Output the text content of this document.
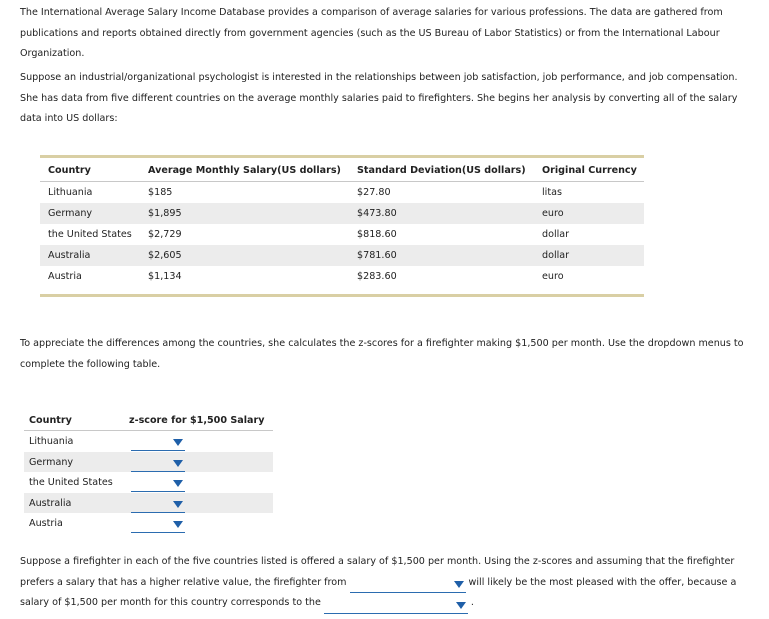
The International Average Salary Income Database provides a comparison of average salaries for various professions. The data are gathered from publications and reports obtained directly from government agencies (such as the US Bureau of Labor Statistics) or from the International Labour Organization.

Suppose an industrial/organizational psychologist is interested in the relationships between job satisfaction, job performance, and job compensation. She has data from five different countries on the average monthly salaries paid to firefighters. She begins her analysis by converting all of the salary data into US dollars:

Country	Average Monthly Salary(US dollars) Standard Deviation(US dollars) Original Currency
Lithuania	$185	$27.80	litas
Germany	$1,895	$473.80	euro
the United States $2,729	$818.60	dollar
Australia	$2,605	$781.60	dollar
Austria	$1,134	$283.60	euro

To appreciate the differences among the countries, she calculates the z-scores for a firefighter making $1,500 per month. Use the dropdown menus to complete the following table.

Country	z-score for $1,500 Salary
Lithuania
Germany
the United States
Australia
Austria

Suppose a firefighter in each of the five countries listed is offered a salary of $1,500 per month. Using the z-scores and assuming that the firefighter prefers a salary that has a higher relative value, the firefighter from	will likely be the most pleased with the offer, because a salary of $1,500 per month for this country corresponds to the	.
